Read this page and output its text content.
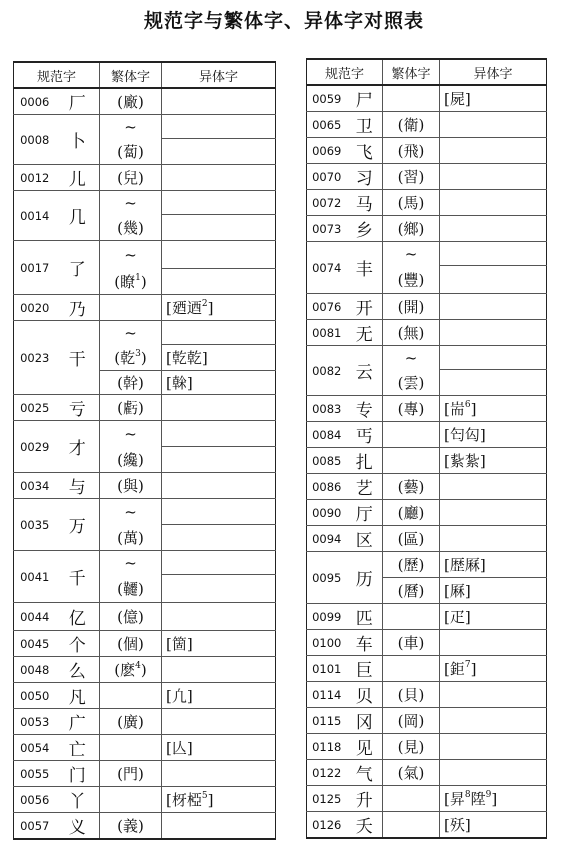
规范字与繁体字、异体字对照表
规范字		繁体字	异体字
0006	厂	(廠)	
0008	卜	~	
		(蔔)	
0012	儿	(兒)	
0014	几	~	
		(幾)	
0017	了	~	
		(瞭$^1$)	
0020	乃		[廼迺$^2$]
0023	干	~	
		(乾$^3$)	[亁乾]
		(幹)	[榦]
0025	亏	(虧)	
0029	才	~	
		(纔)	
0034	与	(與)	
0035	万	~	
		(萬)	
0041	千	~	
		(韆)	
0044	亿	(億)	
0045	个	(個)	[箇]
0048	么	(麽$^4$)	
0050	凡		[凢]
0053	广	(廣)	
0054	亡		[亾]
0055	门	(門)	
0056	丫		[枒椏$^5$]
0057	义	(義)	
规范字		繁体字	异体字
0059	尸		[屍]
0065	卫	(衛)	
0069	飞	(飛)	
0070	习	(習)	
0072	马	(馬)	
0073	乡	(鄉)	
0074	丰	~	
		(豐)	
0076	开	(開)	
0081	无	(無)	
0082	云	~	
		(雲)	
0083	专	(專)	[耑$^6$]
0084	丐		[匄匃]
0085	扎		[紥紮]
0086	艺	(藝)	
0090	厅	(廳)	
0094	区	(區)	
0095	历	(歷)	[歴厤]
		(曆)	[厤]
0099	匹		[疋]
0100	车	(車)	
0101	巨		[鉅$^7$]
0114	贝	(貝)	
0115	冈	(岡)	
0118	见	(見)	
0122	气	(氣)	
0125	升		[昇$^8$陞$^9$]
0126	夭		[殀]
